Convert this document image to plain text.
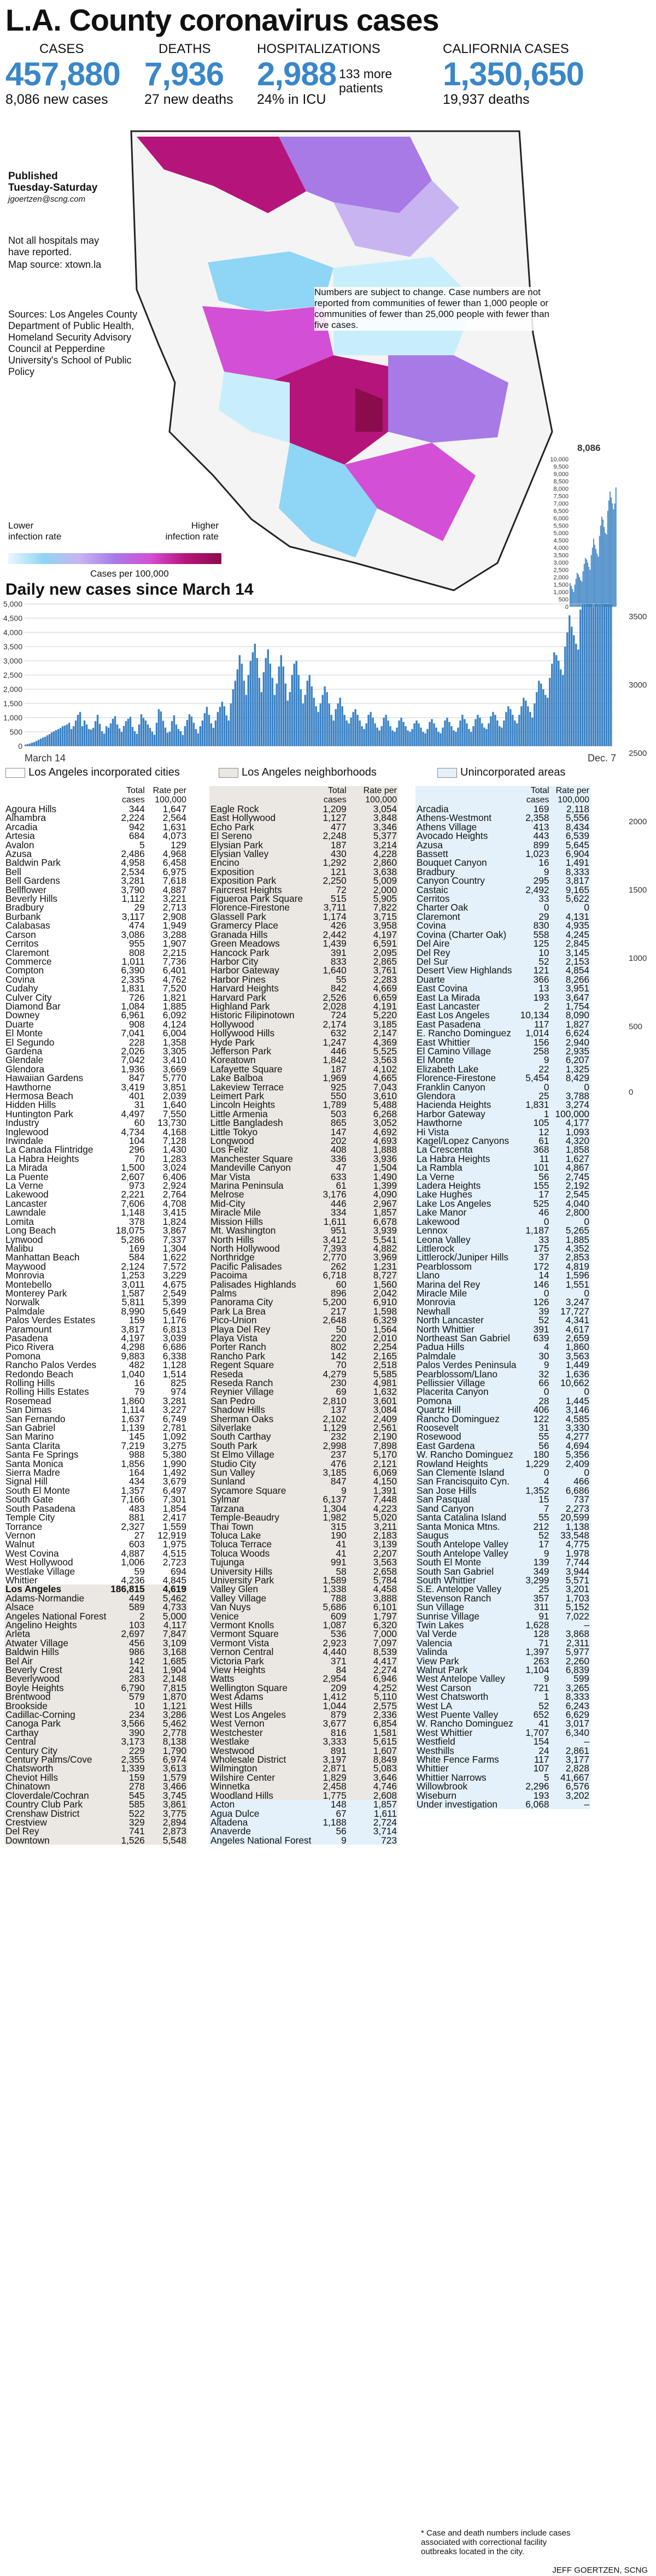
L.A. County coronavirus cases
CASES
457,880
8,086 new cases
DEATHS
7,936
27 new deaths
HOSPITALIZATIONS
2,988
24% in ICU
133 more patients
CALIFORNIA CASES
1,350,650
19,937 deaths
Published
Tuesday-Saturday
jgoertzen@scng.com
Not all hospitals may have reported.
Map source: xtown.la
Sources: Los Angeles County Department of Public Health, Homeland Security Advisory Council at Pepperdine University's School of Public Policy
Numbers are subject to change. Case numbers are not reported from communities of fewer than 1,000 people or communities of fewer than 25,000 people with fewer than five cases.
Lower infection rate
Higher infection rate
Cases per 100,000
0
500
1,000
1,500
2,000
2,500
3,000
3,500
4,000
4,500
5,000
5,500
6,000
6,500
7,000
7,500
8,000
8,500
9,000
9,500
10,000
8,086
Daily new cases since March 14
0
500
1,000
1,500
2,000
2,500
3,000
3,500
4,000
4,500
5,000
March 14	Dec. 7
3500
3000
2500
2000
1500
1000
500
0
Los Angeles incorporated cities	Los Angeles neighborhoods	Unincorporated areas
	Total cases	Rate per 100,000
Agoura Hills	344	1,647
Alhambra	2,224	2,564
Arcadia	942	1,631
Artesia	684	4,073
Avalon	5	129
Azusa	2,486	4,968
Baldwin Park	4,958	6,458
Bell	2,534	6,975
Bell Gardens	3,281	7,618
Bellflower	3,790	4,887
Beverly Hills	1,112	3,221
Bradbury	29	2,713
Burbank	3,117	2,908
Calabasas	474	1,949
Carson	3,086	3,288
Cerritos	955	1,907
Claremont	808	2,215
Commerce	1,011	7,736
Compton	6,390	6,401
Covina	2,335	4,762
Cudahy	1,831	7,520
Culver City	726	1,821
Diamond Bar	1,084	1,885
Downey	6,961	6,092
Duarte	908	4,124
El Monte	7,041	6,004
El Segundo	228	1,358
Gardena	2,026	3,305
Glendale	7,042	3,410
Glendora	1,936	3,669
Hawaiian Gardens	847	5,770
Hawthorne	3,419	3,851
Hermosa Beach	401	2,039
Hidden Hills	31	1,640
Huntington Park	4,497	7,550
Industry	60	13,730
Inglewood	4,734	4,168
Irwindale	104	7,128
La Canada Flintridge	296	1,430
La Habra Heights	70	1,283
La Mirada	1,500	3,024
La Puente	2,607	6,406
La Verne	973	2,924
Lakewood	2,221	2,764
Lancaster	7,606	4,708
Lawndale	1,148	3,415
Lomita	378	1,824
Long Beach	18,075	3,867
Lynwood	5,286	7,337
Malibu	169	1,304
Manhattan Beach	584	1,622
Maywood	2,124	7,572
Monrovia	1,253	3,229
Montebello	3,011	4,675
Monterey Park	1,587	2,549
Norwalk	5,811	5,399
Palmdale	8,990	5,649
Palos Verdes Estates	159	1,176
Paramount	3,817	6,813
Pasadena	4,197	3,039
Pico Rivera	4,298	6,686
Pomona	9,883	6,338
Rancho Palos Verdes	482	1,128
Redondo Beach	1,040	1,514
Rolling Hills	16	825
Rolling Hills Estates	79	974
Rosemead	1,860	3,281
San Dimas	1,114	3,227
San Fernando	1,637	6,749
San Gabriel	1,139	2,781
San Marino	145	1,092
Santa Clarita	7,219	3,275
Santa Fe Springs	988	5,380
Santa Monica	1,856	1,990
Sierra Madre	164	1,492
Signal Hill	434	3,679
South El Monte	1,357	6,497
South Gate	7,166	7,301
South Pasadena	483	1,854
Temple City	881	2,417
Torrance	2,327	1,559
Vernon	27	12,919
Walnut	603	1,975
West Covina	4,887	4,515
West Hollywood	1,006	2,723
Westlake Village	59	694
Whittier	4,236	4,845
Los Angeles	186,815	4,619
Adams-Normandie	449	5,462
Alsace	589	4,733
Angeles National Forest	2	5,000
Angelino Heights	103	4,117
Arleta	2,697	7,847
Atwater Village	456	3,109
Baldwin Hills	986	3,168
Bel Air	142	1,685
Beverly Crest	241	1,904
Beverlywood	283	2,148
Boyle Heights	6,790	7,815
Brentwood	579	1,870
Brookside	10	1,121
Cadillac-Corning	234	3,286
Canoga Park	3,566	5,462
Carthay	390	2,778
Central	3,173	8,138
Century City	229	1,790
Century Palms/Cove	2,355	6,974
Chatsworth	1,339	3,613
Cheviot Hills	159	1,579
Chinatown	278	3,466
Cloverdale/Cochran	545	3,745
Country Club Park	585	3,861
Crenshaw District	522	3,775
Crestview	329	2,894
Del Rey	741	2,873
Downtown	1,526	5,548
	Total cases	Rate per 100,000
Eagle Rock	1,209	3,054
East Hollywood	1,127	3,848
Echo Park	477	3,346
El Sereno	2,248	5,377
Elysian Park	187	3,214
Elysian Valley	430	4,228
Encino	1,292	2,860
Exposition	121	3,638
Exposition Park	2,250	5,009
Faircrest Heights	72	2,000
Figueroa Park Square	515	5,905
Florence-Firestone	3,711	7,822
Glassell Park	1,174	3,715
Gramercy Place	426	3,958
Granada Hills	2,442	4,197
Green Meadows	1,439	6,591
Hancock Park	391	2,095
Harbor City	833	2,865
Harbor Gateway	1,640	3,761
Harbor Pines	55	2,283
Harvard Heights	842	4,669
Harvard Park	2,526	6,659
Highland Park	2,028	4,191
Historic Filipinotown	724	5,220
Hollywood	2,174	3,185
Hollywood Hills	632	2,147
Hyde Park	1,247	4,369
Jefferson Park	446	5,525
Koreatown	1,842	3,563
Lafayette Square	187	4,102
Lake Balboa	1,969	4,665
Lakeview Terrace	925	7,043
Leimert Park	550	3,610
Lincoln Heights	1,789	5,488
Little Armenia	503	6,268
Little Bangladesh	865	3,052
Little Tokyo	147	4,692
Longwood	202	4,693
Los Feliz	408	1,888
Manchester Square	336	3,936
Mandeville Canyon	47	1,504
Mar Vista	633	1,490
Marina Peninsula	61	1,399
Melrose	3,176	4,090
Mid-City	446	2,967
Miracle Mile	334	1,857
Mission Hills	1,611	6,678
Mt. Washington	951	3,939
North Hills	3,412	5,541
North Hollywood	7,393	4,882
Northridge	2,770	3,969
Pacific Palisades	262	1,231
Pacoima	6,718	8,727
Palisades Highlands	60	1,560
Palms	896	2,042
Panorama City	5,200	6,910
Park La Brea	217	1,598
Pico-Union	2,648	6,329
Playa Del Rey	50	1,564
Playa Vista	220	2,010
Porter Ranch	802	2,254
Rancho Park	142	2,165
Regent Square	70	2,518
Reseda	4,279	5,585
Reseda Ranch	230	4,981
Reynier Village	69	1,632
San Pedro	2,810	3,601
Shadow Hills	137	3,084
Sherman Oaks	2,102	2,409
Silverlake	1,129	2,561
South Carthay	232	2,190
South Park	2,998	7,898
St Elmo Village	237	5,170
Studio City	476	2,121
Sun Valley	3,185	6,069
Sunland	847	4,150
Sycamore Square	9	1,391
Sylmar	6,137	7,448
Tarzana	1,304	4,223
Temple-Beaudry	1,982	5,020
Thai Town	315	3,211
Toluca Lake	190	2,183
Toluca Terrace	41	3,139
Toluca Woods	41	2,207
Tujunga	991	3,563
University Hills	58	2,658
University Park	1,589	5,784
Valley Glen	1,338	4,458
Valley Village	788	3,888
Van Nuys	5,686	6,101
Venice	609	1,797
Vermont Knolls	1,087	6,320
Vermont Square	536	7,000
Vermont Vista	2,923	7,097
Vernon Central	4,440	8,539
Victoria Park	371	4,417
View Heights	84	2,274
Watts	2,954	6,946
Wellington Square	209	4,252
West Adams	1,412	5,110
West Hills	1,044	2,575
West Los Angeles	879	2,336
West Vernon	3,677	6,854
Westchester	816	1,581
Westlake	3,333	5,615
Westwood	891	1,607
Wholesale District	3,197	8,849
Wilmington	2,871	5,083
Wilshire Center	1,829	3,646
Winnetka	2,458	4,746
Woodland Hills	1,775	2,608
Acton	148	1,857
Agua Dulce	67	1,611
Altadena	1,188	2,724
Anaverde	56	3,714
Angeles National Forest	9	723
	Total cases	Rate per 100,000
Arcadia	169	2,118
Athens-Westmont	2,358	5,556
Athens Village	413	8,434
Avocado Heights	443	6,539
Azusa	899	5,645
Bassett	1,023	6,904
Bouquet Canyon	16	1,491
Bradbury	9	8,333
Canyon Country	295	3,817
Castaic	2,492	9,165
Cerritos	33	5,622
Charter Oak	0	0
Claremont	29	4,131
Covina	830	4,935
Covina (Charter Oak)	558	4,245
Del Aire	125	2,845
Del Rey	10	3,145
Del Sur	52	2,153
Desert View Highlands	121	4,854
Duarte	366	8,266
East Covina	13	3,951
East La Mirada	193	3,647
East Lancaster	2	1,754
East Los Angeles	10,134	8,090
East Pasadena	117	1,827
E. Rancho Dominguez	1,014	6,624
East Whittier	156	2,940
El Camino Village	258	2,935
El Monte	9	6,207
Elizabeth Lake	22	1,325
Florence-Firestone	5,454	8,429
Franklin Canyon	0	0
Glendora	25	3,788
Hacienda Heights	1,831	3,274
Harbor Gateway	1	100,000
Hawthorne	105	4,177
Hi Vista	12	1,093
Kagel/Lopez Canyons	61	4,320
La Crescenta	368	1,858
La Habra Heights	11	1,627
La Rambla	101	4,867
La Verne	56	2,745
Ladera Heights	155	2,192
Lake Hughes	17	2,545
Lake Los Angeles	525	4,040
Lake Manor	46	2,800
Lakewood	0	0
Lennox	1,187	5,265
Leona Valley	33	1,885
Littlerock	175	4,352
Littlerock/Juniper Hills	37	2,853
Pearblossom	172	4,819
Llano	14	1,596
Marina del Rey	146	1,551
Miracle Mile	0	0
Monrovia	126	3,247
Newhall	39	17,727
North Lancaster	52	4,341
North Whittier	391	4,617
Northeast San Gabriel	639	2,659
Padua Hills	4	1,860
Palmdale	30	3,563
Palos Verdes Peninsula	9	1,449
Pearblossom/Llano	32	1,636
Pellissier Village	66	10,662
Placerita Canyon	0	0
Pomona	28	1,445
Quartz Hill	406	3,146
Rancho Dominguez	122	4,585
Roosevelt	31	3,330
Rosewood	55	4,277
East Gardena	56	4,694
W. Rancho Dominguez	180	5,356
Rowland Heights	1,229	2,409
San Clemente Island	0	0
San Francisquito Cyn.	4	466
San Jose Hills	1,352	6,686
San Pasqual	15	737
Sand Canyon	7	2,273
Santa Catalina Island	55	20,599
Santa Monica Mtns.	212	1,138
Saugus	52	33,548
South Antelope Valley	17	4,775
South Antelope Valley	9	1,978
South El Monte	139	7,744
South San Gabriel	349	3,944
South Whittier	3,299	5,571
S.E. Antelope Valley	25	3,201
Stevenson Ranch	357	1,703
Sun Village	311	5,152
Sunrise Village	91	7,022
Twin Lakes	1,628	–
Val Verde	128	3,868
Valencia	71	2,311
Valinda	1,397	5,977
View Park	263	2,260
Walnut Park	1,104	6,839
West Antelope Valley	9	599
West Carson	721	3,265
West Chatsworth	1	8,333
West LA	52	6,243
West Puente Valley	652	6,629
W. Rancho Dominguez	41	3,017
West Whittier	1,707	6,340
Westfield	154	–
Westhills	24	2,861
White Fence Farms	117	3,177
Whittier	107	2,828
Whittier Narrows	5	41,667
Willowbrook	2,296	6,576
Wiseburn	193	3,202
Under investigation	6,068	–
* Case and death numbers include cases associated with correctional facility outbreaks located in the city.
JEFF GOERTZEN, SCNG
